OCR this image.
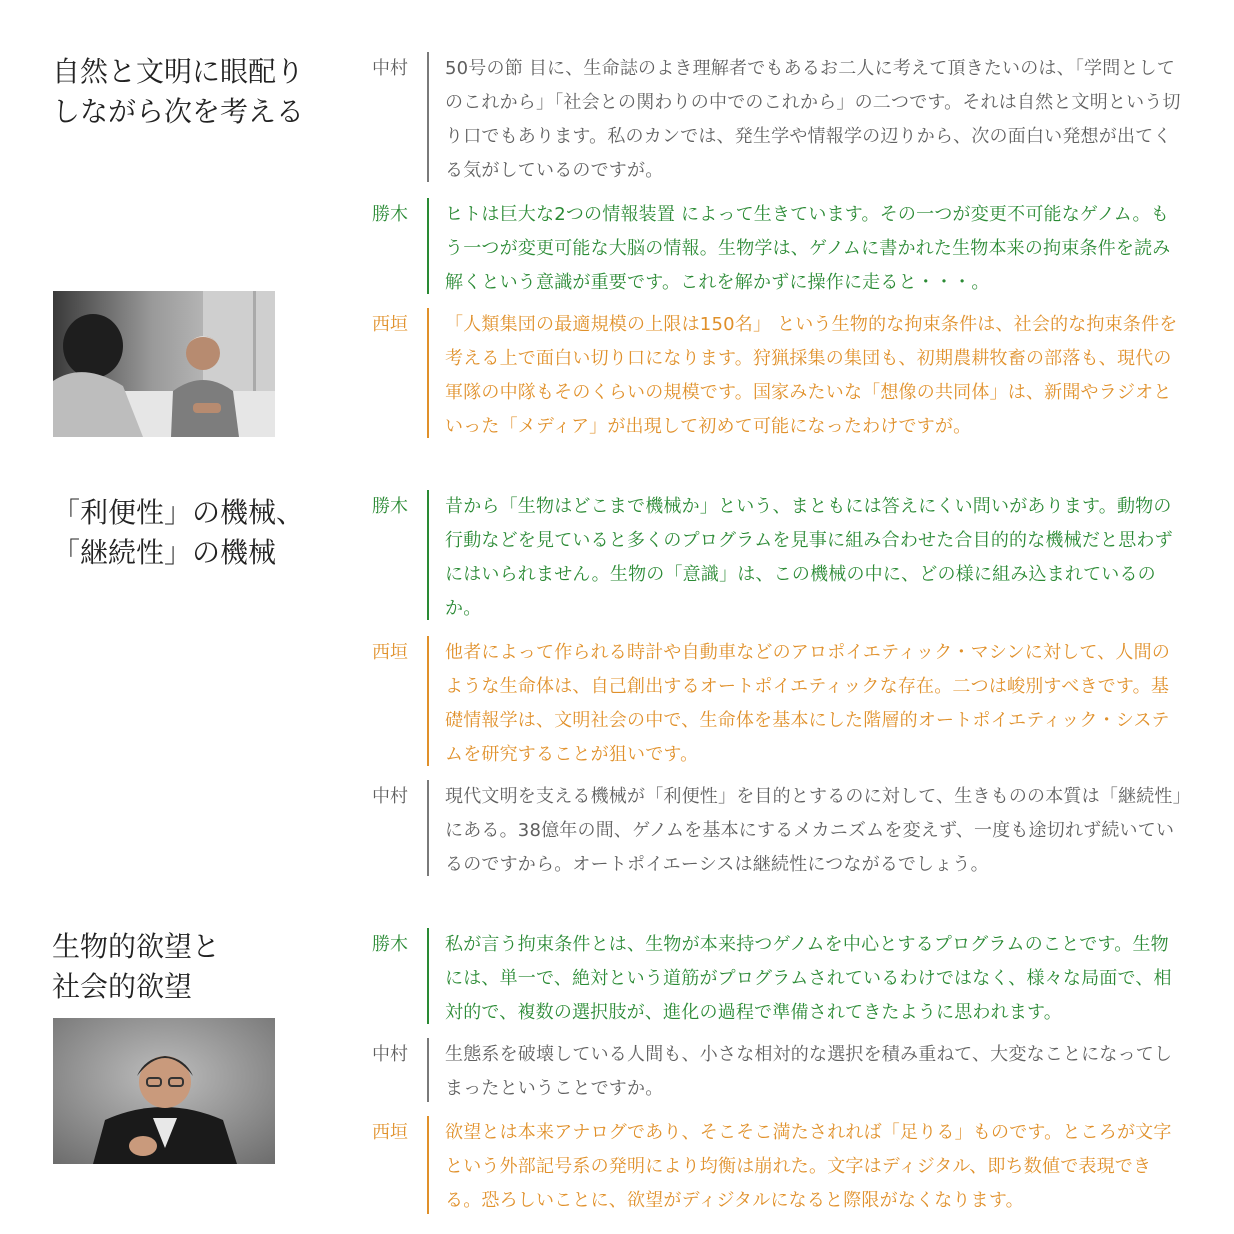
自然と文明に眼配り
しながら次を考える
「利便性」の機械、
「継続性」の機械
生物的欲望と
社会的欲望
中村	50号の節 目に、生命誌のよき理解者でもあるお二人に考えて頂きたいのは、「学問としてのこれから」「社会との関わりの中でのこれから」の二つです。それは自然と文明という切り口でもあります。私のカンでは、発生学や情報学の辺りから、次の面白い発想が出てくる気がしているのですが。
勝木	ヒトは巨大な2つの情報装置 によって生きています。その一つが変更不可能なゲノム。もう一つが変更可能な大脳の情報。生物学は、ゲノムに書かれた生物本来の拘束条件を読み解くという意識が重要です。これを解かずに操作に走ると・・・。
西垣	「人類集団の最適規模の上限は150名」 という生物的な拘束条件は、社会的な拘束条件を考える上で面白い切り口になります。狩猟採集の集団も、初期農耕牧畜の部落も、現代の軍隊の中隊もそのくらいの規模です。国家みたいな「想像の共同体」は、新聞やラジオといった「メディア」が出現して初めて可能になったわけですが。
勝木	昔から「生物はどこまで機械か」という、まともには答えにくい問いがあります。動物の行動などを見ていると多くのプログラムを見事に組み合わせた合目的的な機械だと思わずにはいられません。生物の「意識」は、この機械の中に、どの様に組み込まれているのか。
西垣	他者によって作られる時計や自動車などのアロポイエティック・マシンに対して、人間のような生命体は、自己創出するオートポイエティックな存在。二つは峻別すべきです。基礎情報学は、文明社会の中で、生命体を基本にした階層的オートポイエティック・システムを研究することが狙いです。
中村	現代文明を支える機械が「利便性」を目的とするのに対して、生きものの本質は「継続性」にある。38億年の間、ゲノムを基本にするメカニズムを変えず、一度も途切れず続いているのですから。オートポイエーシスは継続性につながるでしょう。
勝木	私が言う拘束条件とは、生物が本来持つゲノムを中心とするプログラムのことです。生物には、単一で、絶対という道筋がプログラムされているわけではなく、様々な局面で、相対的で、複数の選択肢が、進化の過程で準備されてきたように思われます。
中村	生態系を破壊している人間も、小さな相対的な選択を積み重ねて、大変なことになってしまったということですか。
西垣	欲望とは本来アナログであり、そこそこ満たされれば「足りる」ものです。ところが文字という外部記号系の発明により均衡は崩れた。文字はディジタル、即ち数値で表現できる。恐ろしいことに、欲望がディジタルになると際限がなくなります。
